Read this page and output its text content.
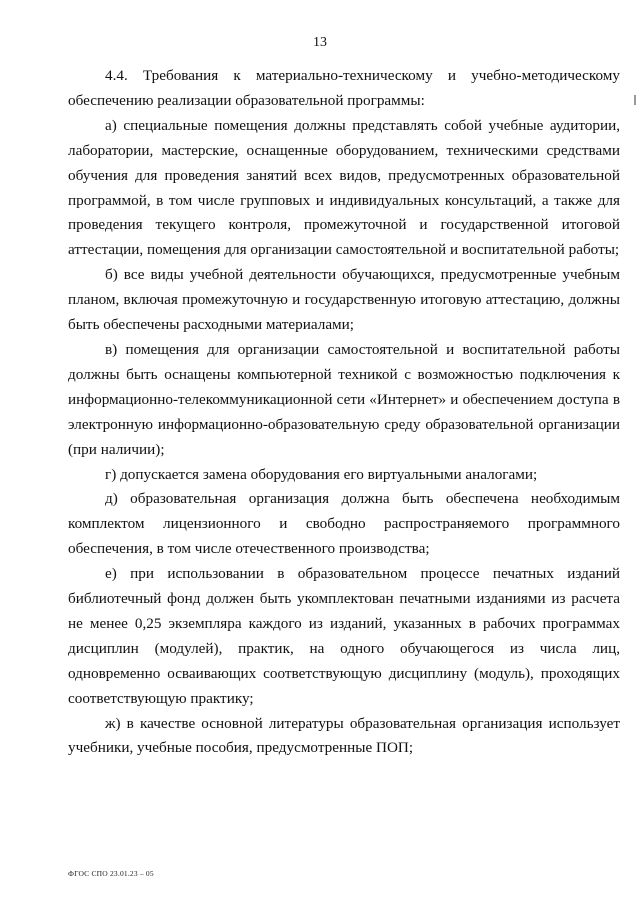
13

4.4. Требования к материально-техническому и учебно-методическому обеспечению реализации образовательной программы:

а) специальные помещения должны представлять собой учебные аудитории, лаборатории, мастерские, оснащенные оборудованием, техническими средствами обучения для проведения занятий всех видов, предусмотренных образовательной программой, в том числе групповых и индивидуальных консультаций, а также для проведения текущего контроля, промежуточной и государственной итоговой аттестации, помещения для организации самостоятельной и воспитательной работы;

б) все виды учебной деятельности обучающихся, предусмотренные учебным планом, включая промежуточную и государственную итоговую аттестацию, должны быть обеспечены расходными материалами;

в) помещения для организации самостоятельной и воспитательной работы должны быть оснащены компьютерной техникой с возможностью подключения к информационно-телекоммуникационной сети «Интернет» и обеспечением доступа в электронную информационно-образовательную среду образовательной организации (при наличии);

г) допускается замена оборудования его виртуальными аналогами;

д) образовательная организация должна быть обеспечена необходимым комплектом лицензионного и свободно распространяемого программного обеспечения, в том числе отечественного производства;

е) при использовании в образовательном процессе печатных изданий библиотечный фонд должен быть укомплектован печатными изданиями из расчета не менее 0,25 экземпляра каждого из изданий, указанных в рабочих программах дисциплин (модулей), практик, на одного обучающегося из числа лиц, одновременно осваивающих соответствующую дисциплину (модуль), проходящих соответствующую практику;

ж) в качестве основной литературы образовательная организация использует учебники, учебные пособия, предусмотренные ПОП;

ФГОС СПО 23.01.23 – 05
